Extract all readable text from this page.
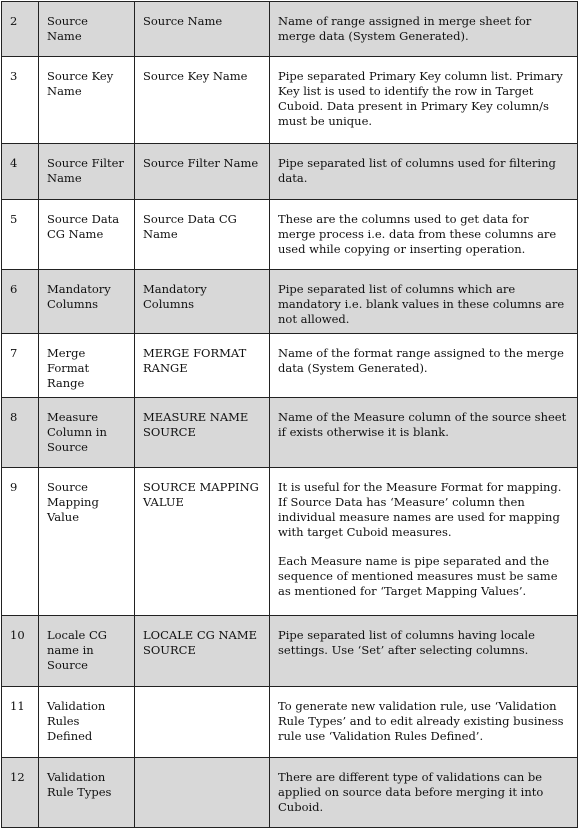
2	Source Name	Source Name	Name of range assigned in merge sheet for merge data (System Generated).

3	Source Key Name	Source Key Name	Pipe separated Primary Key column list. Primary Key list is used to identify the row in Target Cuboid. Data present in Primary Key column/s must be unique.

4	Source Filter Name	Source Filter Name	Pipe separated list of columns used for filtering data.

5	Source Data CG Name	Source Data CG Name	These are the columns used to get data for merge process i.e. data from these columns are used while copying or inserting operation.

6	Mandatory Columns	Mandatory Columns	Pipe separated list of columns which are mandatory i.e. blank values in these columns are not allowed.

7	Merge Format Range	MERGE FORMAT RANGE	Name of the format range assigned to the merge data (System Generated).

8	Measure Column in Source	MEASURE NAME SOURCE	Name of the Measure column of the source sheet if exists otherwise it is blank.

9	Source Mapping Value	SOURCE MAPPING VALUE	It is useful for the Measure Format for mapping. If Source Data has ‘Measure’ column then individual measure names are used for mapping with target Cuboid measures.
Each Measure name is pipe separated and the sequence of mentioned measures must be same as mentioned for ‘Target Mapping Values’.

10	Locale CG name in Source	LOCALE CG NAME SOURCE	Pipe separated list of columns having locale settings. Use ‘Set’ after selecting columns.

11	Validation Rules Defined		To generate new validation rule, use ‘Validation Rule Types’ and to edit already existing business rule use ‘Validation Rules Defined’.

12	Validation Rule Types		There are different type of validations can be applied on source data before merging it into Cuboid.
